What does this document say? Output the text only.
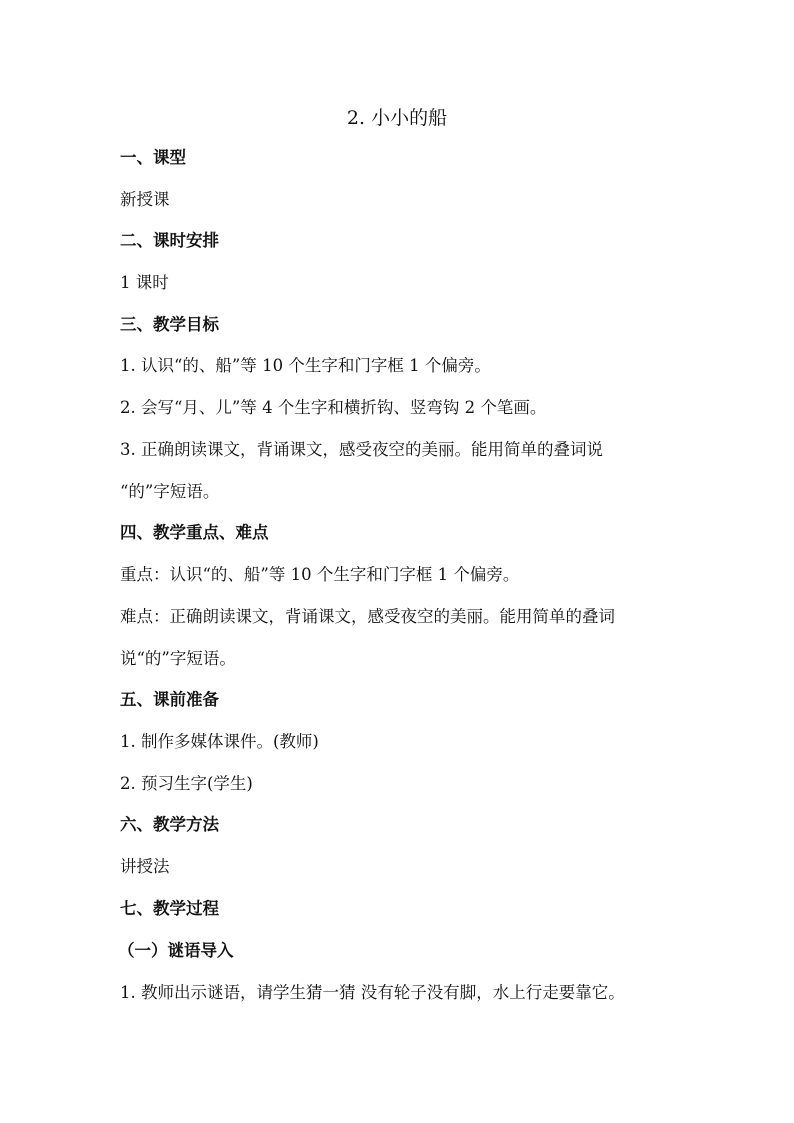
2. 小小的船
一、课型
新授课
二、课时安排
1 课时
三、教学目标
1. 认识“的、船”等 10 个生字和门字框 1 个偏旁。
2. 会写“月、儿”等 4 个生字和横折钩、竖弯钩 2 个笔画。
3. 正确朗读课文，背诵课文，感受夜空的美丽。能用简单的叠词说
“的”字短语。
四、教学重点、难点
重点：认识“的、船”等 10 个生字和门字框 1 个偏旁。
难点：正确朗读课文，背诵课文，感受夜空的美丽。能用简单的叠词
说“的”字短语。
五、课前准备
1. 制作多媒体课件。(教师)
2. 预习生字(学生)
六、教学方法
讲授法
七、教学过程
（一）谜语导入
1. 教师出示谜语，请学生猜一猜 没有轮子没有脚，水上行走要靠它。
